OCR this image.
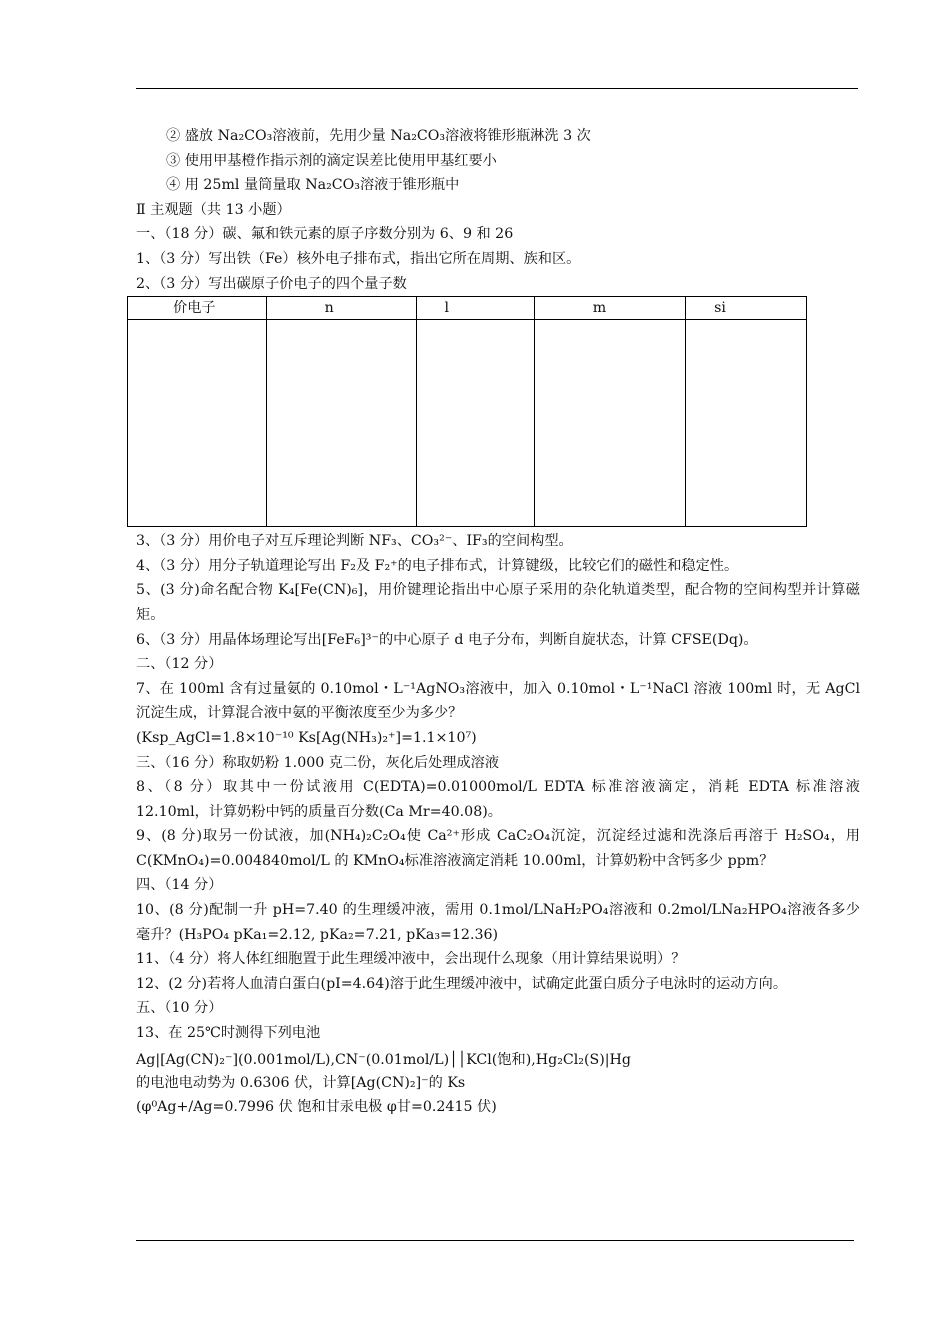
② 盛放 Na₂CO₃溶液前，先用少量 Na₂CO₃溶液将锥形瓶淋洗 3 次
③ 使用甲基橙作指示剂的滴定误差比使用甲基红要小
④ 用 25ml 量筒量取 Na₂CO₃溶液于锥形瓶中
Ⅱ 主观题（共 13 小题）
一、（18 分）碳、氟和铁元素的原子序数分别为 6、9 和 26
1、（3 分）写出铁（Fe）核外电子排布式，指出它所在周期、族和区。
2、（3 分）写出碳原子价电子的四个量子数
价电子	n	l	m	si

3、（3 分）用价电子对互斥理论判断 NF₃、CO₃²⁻、IF₃的空间构型。
4、（3 分）用分子轨道理论写出 F₂及 F₂⁺的电子排布式，计算键级，比较它们的磁性和稳定性。
5、(3 分)命名配合物 K₄[Fe(CN)₆]，用价键理论指出中心原子采用的杂化轨道类型，配合物的空间构型并计算磁矩。
6、（3 分）用晶体场理论写出[FeF₆]³⁻的中心原子 d 电子分布，判断自旋状态，计算 CFSE(Dq)。
二、（12 分）
7、在 100ml 含有过量氨的 0.10mol・L⁻¹AgNO₃溶液中，加入 0.10mol・L⁻¹NaCl 溶液 100ml 时，无 AgCl 沉淀生成，计算混合液中氨的平衡浓度至少为多少？
(Ksp_AgCl=1.8×10⁻¹⁰ Ks[Ag(NH₃)₂⁺]=1.1×10⁷)
三、（16 分）称取奶粉 1.000 克二份，灰化后处理成溶液
8、（8 分）取其中一份试液用 C(EDTA)=0.01000mol/L EDTA 标准溶液滴定，消耗 EDTA 标准溶液 12.10ml，计算奶粉中钙的质量百分数(Ca Mr=40.08)。
9、(8 分)取另一份试液，加(NH₄)₂C₂O₄使 Ca²⁺形成 CaC₂O₄沉淀，沉淀经过滤和洗涤后再溶于 H₂SO₄，用 C(KMnO₄)=0.004840mol/L 的 KMnO₄标准溶液滴定消耗 10.00ml，计算奶粉中含钙多少 ppm？
四、（14 分）
10、(8 分)配制一升 pH=7.40 的生理缓冲液，需用 0.1mol/LNaH₂PO₄溶液和 0.2mol/LNa₂HPO₄溶液各多少毫升？(H₃PO₄ pKa₁=2.12, pKa₂=7.21, pKa₃=12.36)
11、（4 分）将人体红细胞置于此生理缓冲液中，会出现什么现象（用计算结果说明）？
12、(2 分)若将人血清白蛋白(pI=4.64)溶于此生理缓冲液中，试确定此蛋白质分子电泳时的运动方向。
五、（10 分）
13、在 25℃时测得下列电池
Ag|[Ag(CN)₂⁻](0.001mol/L),CN⁻(0.01mol/L)││KCl(饱和),Hg₂Cl₂(S)|Hg
的电池电动势为 0.6306 伏，计算[Ag(CN)₂]⁻的 Ks
(φ⁰Ag+/Ag=0.7996 伏 饱和甘汞电极 φ甘=0.2415 伏)
